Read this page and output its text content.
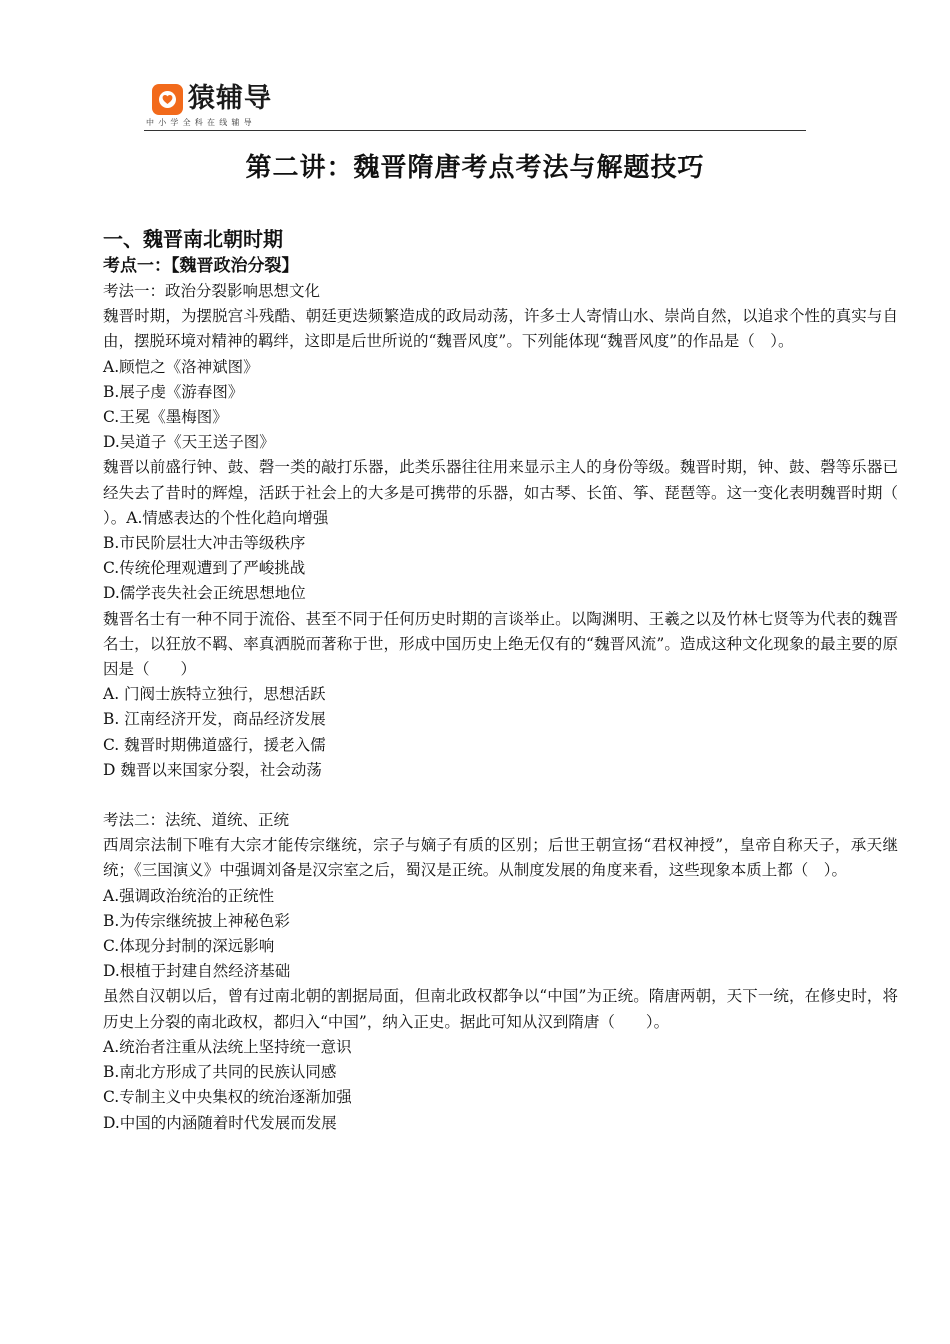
猿辅导
中小学全科在线辅导
第二讲：魏晋隋唐考点考法与解题技巧

一、魏晋南北朝时期

考点一：【魏晋政治分裂】

考法一：政治分裂影响思想文化

魏晋时期，为摆脱宫斗残酷、朝廷更迭频繁造成的政局动荡，许多士人寄情山水、崇尚自然，以追求个性的真实与自由，摆脱环境对精神的羁绊，这即是后世所说的“魏晋风度”。下列能体现“魏晋风度”的作品是（　）。

A.顾恺之《洛神斌图》

B.展子虔《游春图》

C.王冕《墨梅图》

D.吴道子《天王送子图》

魏晋以前盛行钟、鼓、磬一类的敲打乐器，此类乐器往往用来显示主人的身份等级。魏晋时期，钟、鼓、磬等乐器已经失去了昔时的辉煌，活跃于社会上的大多是可携带的乐器，如古琴、长笛、筝、琵琶等。这一变化表明魏晋时期（ ）。A.情感表达的个性化趋向增强

B.市民阶层壮大冲击等级秩序

C.传统伦理观遭到了严峻挑战

D.儒学丧失社会正统思想地位

魏晋名士有一种不同于流俗、甚至不同于任何历史时期的言谈举止。以陶渊明、王羲之以及竹林七贤等为代表的魏晋名士，以狂放不羁、率真洒脱而著称于世，形成中国历史上绝无仅有的“魏晋风流”。造成这种文化现象的最主要的原因是（　　）

A. 门阀士族特立独行，思想活跃

B. 江南经济开发，商品经济发展

C. 魏晋时期佛道盛行，援老入儒

D 魏晋以来国家分裂，社会动荡

考法二：法统、道统、正统

西周宗法制下唯有大宗才能传宗继统，宗子与嫡子有质的区别；后世王朝宣扬“君权神授”，皇帝自称天子，承天继统；《三国演义》中强调刘备是汉宗室之后，蜀汉是正统。从制度发展的角度来看，这些现象本质上都（　）。

A.强调政治统治的正统性

B.为传宗继统披上神秘色彩

C.体现分封制的深远影响

D.根植于封建自然经济基础

虽然自汉朝以后，曾有过南北朝的割据局面，但南北政权都争以“中国”为正统。隋唐两朝，天下一统，在修史时，将历史上分裂的南北政权，都归入“中国”，纳入正史。据此可知从汉到隋唐（　　）。

A.统治者注重从法统上坚持统一意识

B.南北方形成了共同的民族认同感

C.专制主义中央集权的统治逐渐加强

D.中国的内涵随着时代发展而发展
